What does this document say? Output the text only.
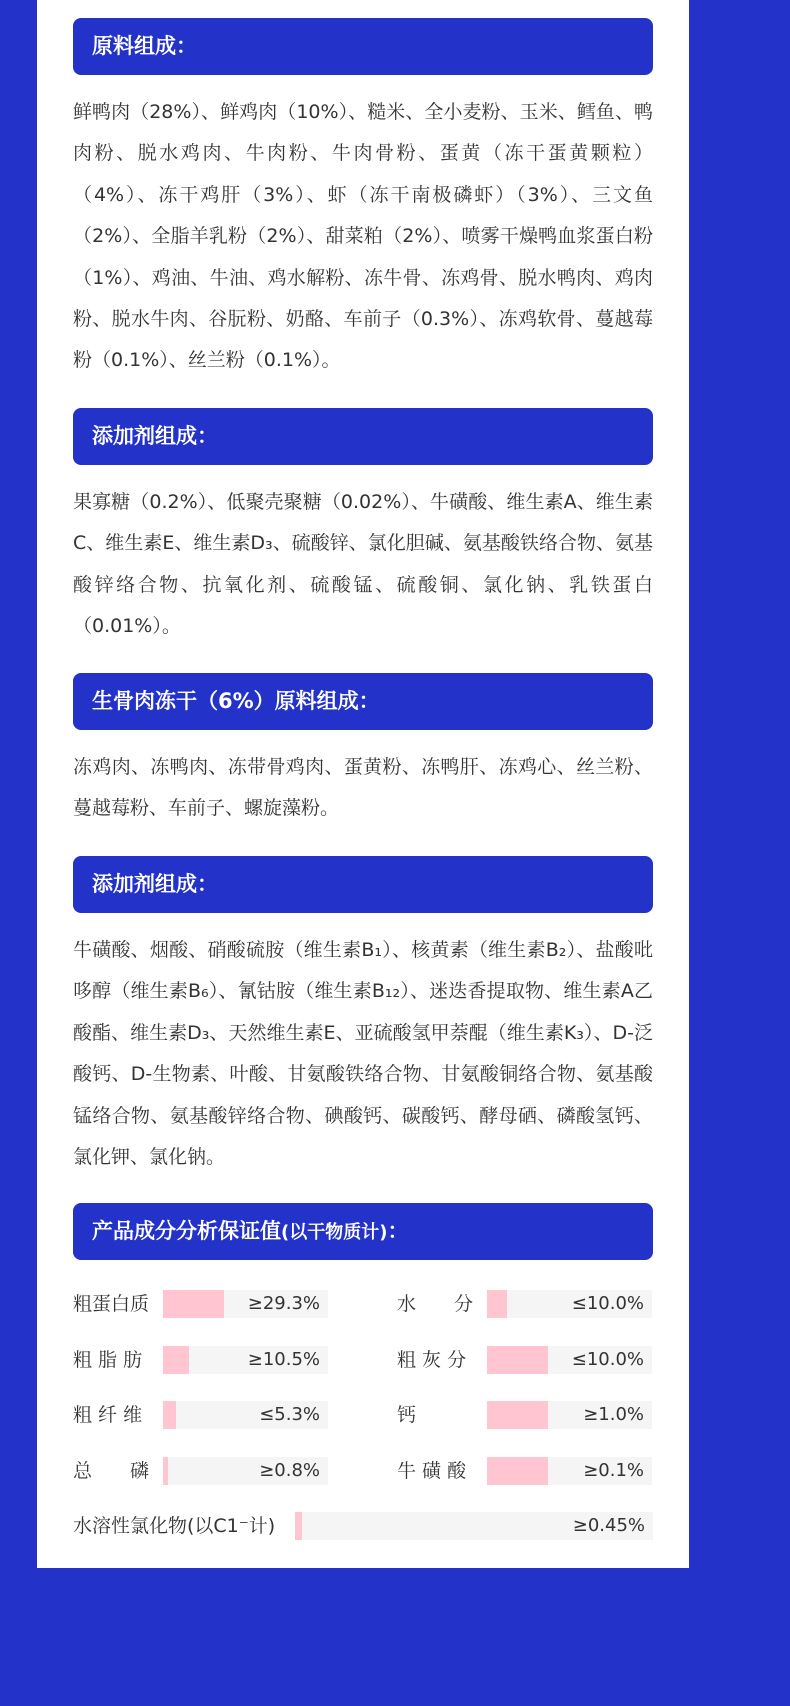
原料组成：

鲜鸭肉（28%）、鲜鸡肉（10%）、糙米、全小麦粉、玉米、鳕鱼、鸭肉粉、脱水鸡肉、牛肉粉、牛肉骨粉、蛋黄（冻干蛋黄颗粒）（4%）、冻干鸡肝（3%）、虾（冻干南极磷虾）（3%）、三文鱼（2%）、全脂羊乳粉（2%）、甜菜粕（2%）、喷雾干燥鸭血浆蛋白粉（1%）、鸡油、牛油、鸡水解粉、冻牛骨、冻鸡骨、脱水鸭肉、鸡肉粉、脱水牛肉、谷朊粉、奶酪、车前子（0.3%）、冻鸡软骨、蔓越莓粉（0.1%）、丝兰粉（0.1%）。

添加剂组成：

果寡糖（0.2%）、低聚壳聚糖（0.02%）、牛磺酸、维生素A、维生素C、维生素E、维生素D₃、硫酸锌、氯化胆碱、氨基酸铁络合物、氨基酸锌络合物、抗氧化剂、硫酸锰、硫酸铜、氯化钠、乳铁蛋白（0.01%）。

生骨肉冻干（6%）原料组成：

冻鸡肉、冻鸭肉、冻带骨鸡肉、蛋黄粉、冻鸭肝、冻鸡心、丝兰粉、蔓越莓粉、车前子、螺旋藻粉。

添加剂组成：

牛磺酸、烟酸、硝酸硫胺（维生素B₁）、核黄素（维生素B₂）、盐酸吡哆醇（维生素B₆）、氰钴胺（维生素B₁₂）、迷迭香提取物、维生素A乙酸酯、维生素D₃、天然维生素E、亚硫酸氢甲萘醌（维生素K₃）、D-泛酸钙、D-生物素、叶酸、甘氨酸铁络合物、甘氨酸铜络合物、氨基酸锰络合物、氨基酸锌络合物、碘酸钙、碳酸钙、酵母硒、磷酸氢钙、氯化钾、氯化钠。

产品成分分析保证值(以干物质计)：
粗蛋白质	≥29.3%	水　　分	≤10.0%
粗 脂 肪	≥10.5%	粗 灰 分	≤10.0%
粗 纤 维	≤5.3%	钙	≥1.0%
总　　磷	≥0.8%	牛 磺 酸	≥0.1%
水溶性氯化物(以C1⁻计)	≥0.45%
